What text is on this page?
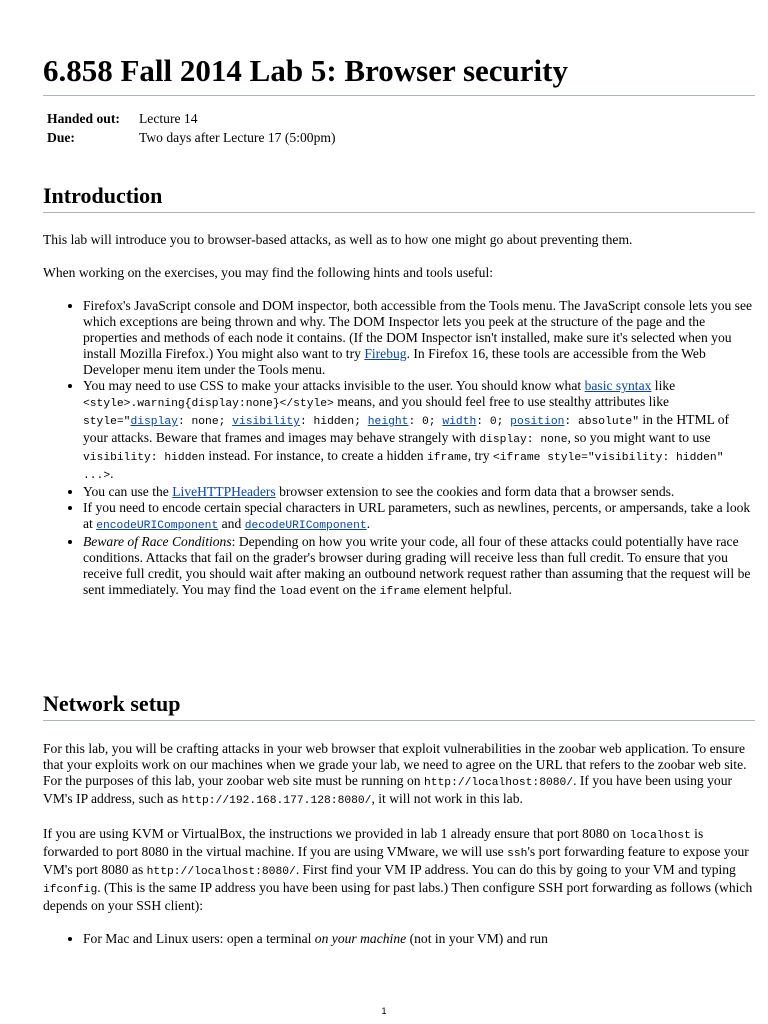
6.858 Fall 2014 Lab 5: Browser security
Handed out:	Lecture 14
Due:	Two days after Lecture 17 (5:00pm)
Introduction

This lab will introduce you to browser-based attacks, as well as to how one might go about preventing them.

When working on the exercises, you may find the following hints and tools useful:

• Firefox's JavaScript console and DOM inspector, both accessible from the Tools menu. The JavaScript console lets you see which exceptions are being thrown and why. The DOM Inspector lets you peek at the structure of the page and the properties and methods of each node it contains. (If the DOM Inspector isn't installed, make sure it's selected when you install Mozilla Firefox.) You might also want to try Firebug. In Firefox 16, these tools are accessible from the Web Developer menu item under the Tools menu.
• You may need to use CSS to make your attacks invisible to the user. You should know what basic syntax like <style>.warning{display:none}</style> means, and you should feel free to use stealthy attributes like style="display: none; visibility: hidden; height: 0; width: 0; position: absolute" in the HTML of your attacks. Beware that frames and images may behave strangely with display: none, so you might want to use visibility: hidden instead. For instance, to create a hidden iframe, try <iframe style="visibility: hidden" ...>.
• You can use the LiveHTTPHeaders browser extension to see the cookies and form data that a browser sends.
• If you need to encode certain special characters in URL parameters, such as newlines, percents, or ampersands, take a look at encodeURIComponent and decodeURIComponent.
• Beware of Race Conditions: Depending on how you write your code, all four of these attacks could potentially have race conditions. Attacks that fail on the grader's browser during grading will receive less than full credit. To ensure that you receive full credit, you should wait after making an outbound network request rather than assuming that the request will be sent immediately. You may find the load event on the iframe element helpful.
Network setup

For this lab, you will be crafting attacks in your web browser that exploit vulnerabilities in the zoobar web application. To ensure that your exploits work on our machines when we grade your lab, we need to agree on the URL that refers to the zoobar web site. For the purposes of this lab, your zoobar web site must be running on http://localhost:8080/. If you have been using your VM's IP address, such as http://192.168.177.128:8080/, it will not work in this lab.

If you are using KVM or VirtualBox, the instructions we provided in lab 1 already ensure that port 8080 on localhost is forwarded to port 8080 in the virtual machine. If you are using VMware, we will use ssh's port forwarding feature to expose your VM's port 8080 as http://localhost:8080/. First find your VM IP address. You can do this by going to your VM and typing ifconfig. (This is the same IP address you have been using for past labs.) Then configure SSH port forwarding as follows (which depends on your SSH client):

• For Mac and Linux users: open a terminal on your machine (not in your VM) and run
1
